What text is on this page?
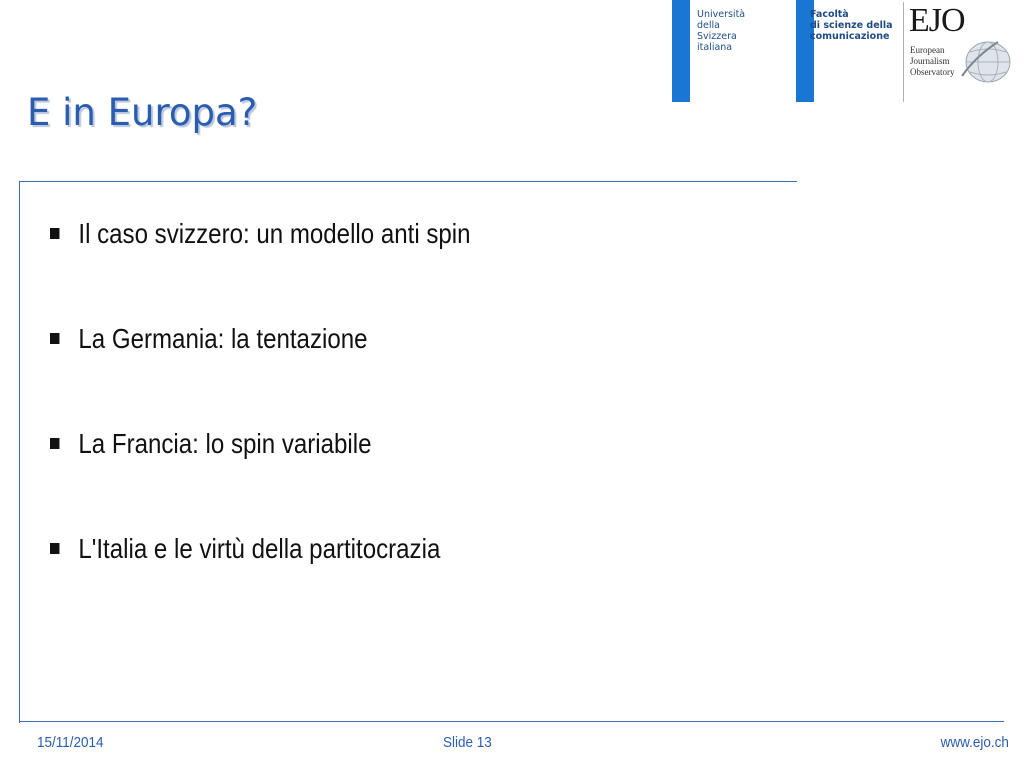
Università
della
Svizzera
italiana
Facoltà
di scienze della
comunicazione EJO
European
Journalism
Observatory
E in Europa?
Il caso svizzero: un modello anti spin
La Germania: la tentazione
La Francia: lo spin variabile
L'Italia e le virtù della partitocrazia
15/11/2014	Slide 13	www.ejo.ch
